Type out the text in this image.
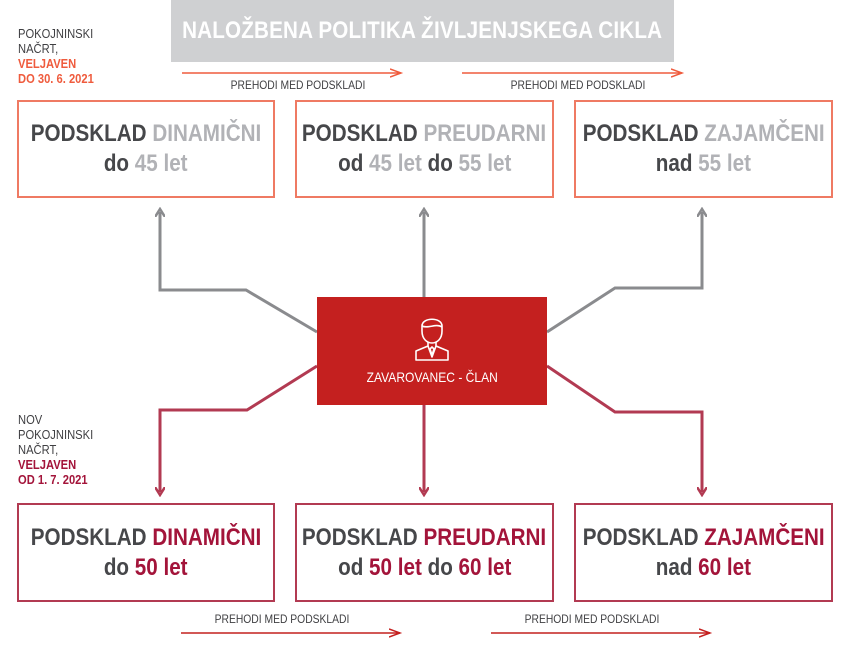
NALOŽBENA POLITIKA ŽIVLJENJSKEGA CIKLA
POKOJNINSKI
NAČRT,
VELJAVEN
DO 30. 6. 2021	PREHODI MED PODSKLADI	PREHODI MED PODSKLADI
PODSKLAD DINAMIČNI
do 45 let
PODSKLAD PREUDARNI
od 45 let do 55 let
PODSKLAD ZAJAMČENI
nad 55 let
ZAVAROVANEC - ČLAN
NOV
POKOJNINSKI
NAČRT,
VELJAVEN
OD 1. 7. 2021
PODSKLAD DINAMIČNI
do 50 let
PODSKLAD PREUDARNI
od 50 let do 60 let
PODSKLAD ZAJAMČENI
nad 60 let
PREHODI MED PODSKLADI	PREHODI MED PODSKLADI
